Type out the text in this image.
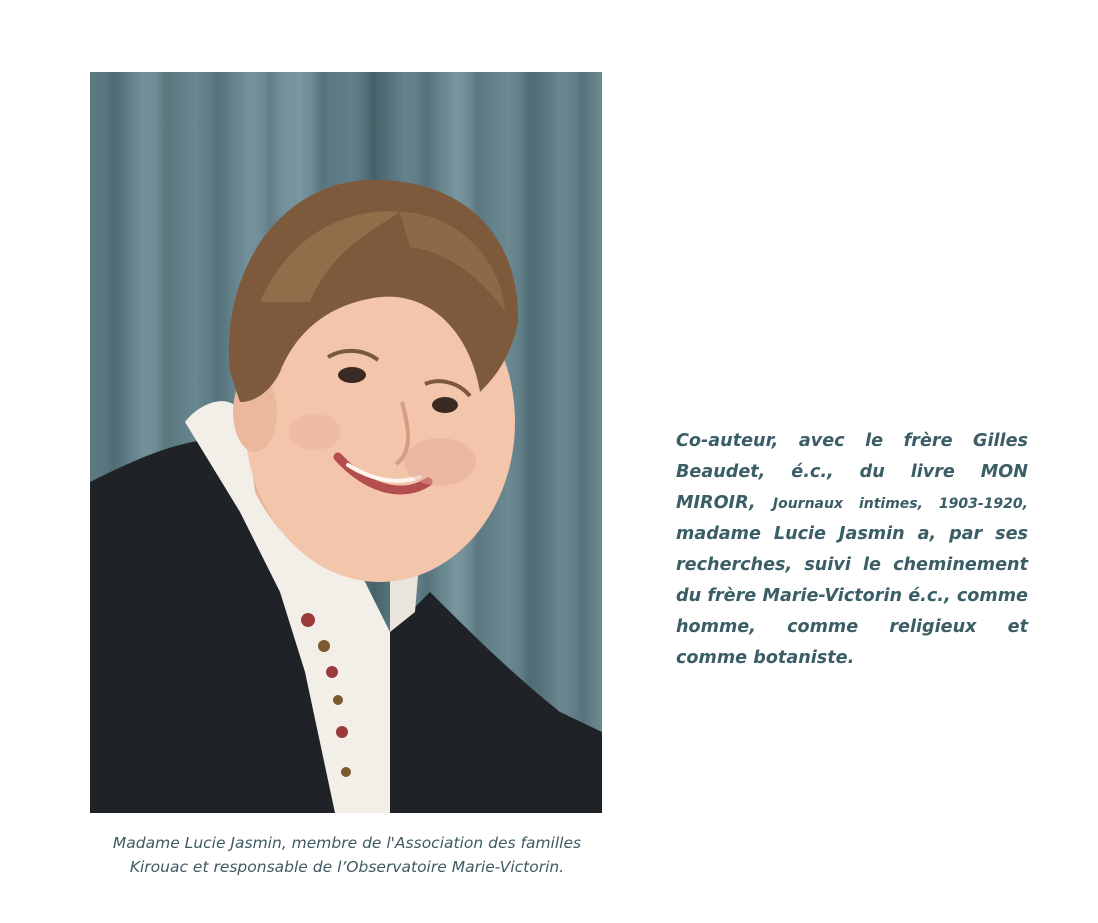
Madame Lucie Jasmin, membre de l'Association des familles
Kirouac et responsable de l’Observatoire Marie-Victorin.

Co-auteur, avec le frère Gilles Beaudet, é.c., du livre MON MIROIR, Journaux intimes, 1903-1920, madame Lucie Jasmin a, par ses recherches, suivi le cheminement du frère Marie-Victorin é.c., comme homme, comme religieux et comme botaniste.
